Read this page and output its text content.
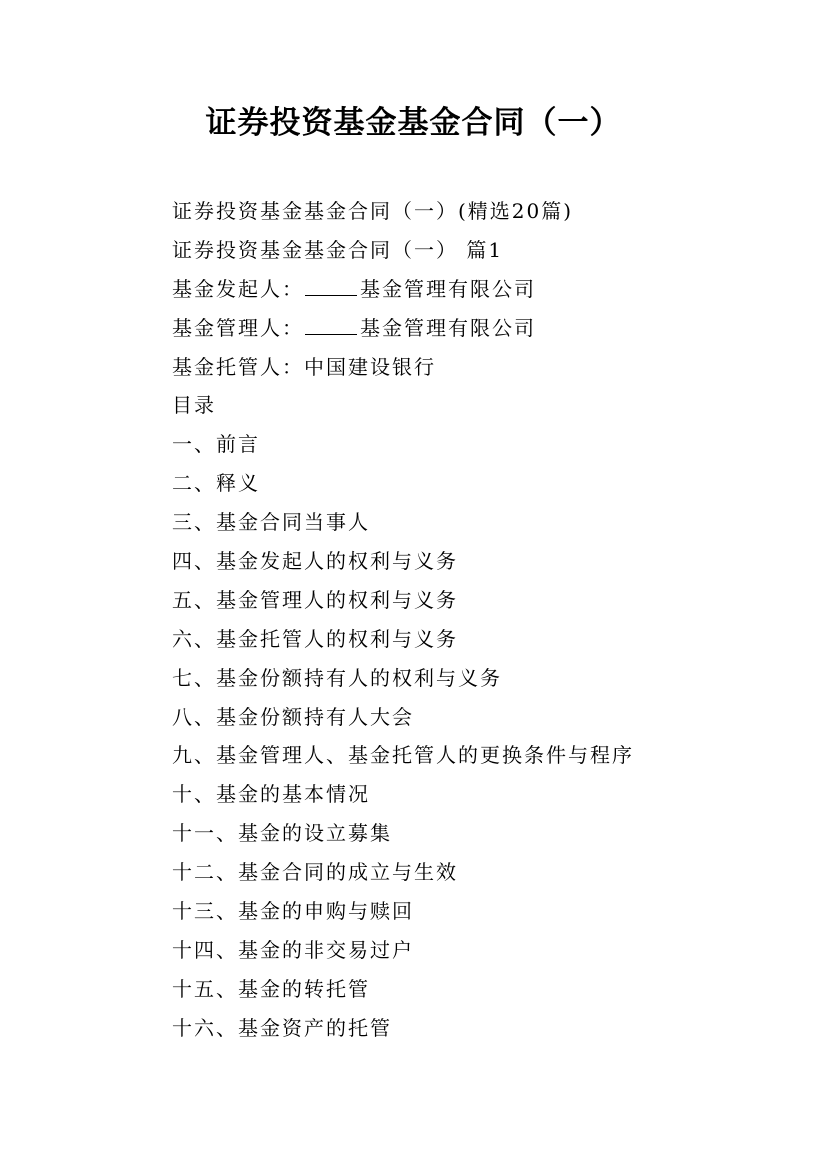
证券投资基金基金合同（一）
证券投资基金基金合同（一）(精选20篇)
证券投资基金基金合同（一） 篇1
基金发起人：	基金管理有限公司
基金管理人：	基金管理有限公司
基金托管人：中国建设银行
目录
一、前言
二、释义
三、基金合同当事人
四、基金发起人的权利与义务
五、基金管理人的权利与义务
六、基金托管人的权利与义务
七、基金份额持有人的权利与义务
八、基金份额持有人大会
九、基金管理人、基金托管人的更换条件与程序
十、基金的基本情况
十一、基金的设立募集
十二、基金合同的成立与生效
十三、基金的申购与赎回
十四、基金的非交易过户
十五、基金的转托管
十六、基金资产的托管
